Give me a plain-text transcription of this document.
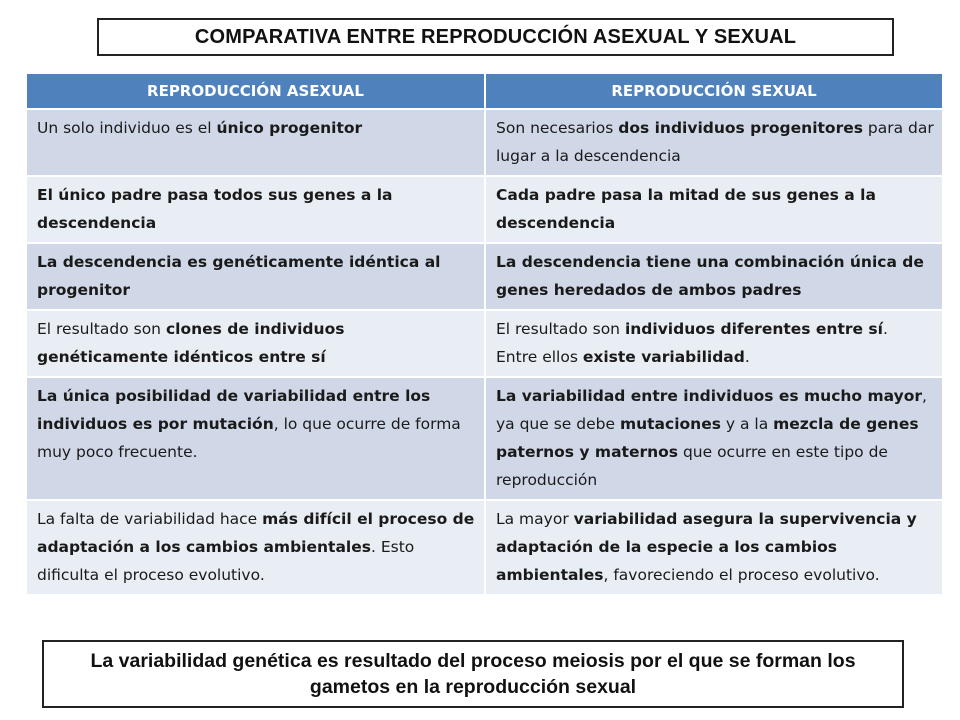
COMPARATIVA ENTRE REPRODUCCIÓN ASEXUAL Y SEXUAL
REPRODUCCIÓN ASEXUAL	REPRODUCCIÓN SEXUAL
Un solo individuo es el único progenitor	Son necesarios dos individuos progenitores para dar lugar a la descendencia
El único padre pasa todos sus genes a la descendencia	Cada padre pasa la mitad de sus genes a la descendencia
La descendencia es genéticamente idéntica al progenitor	La descendencia tiene una combinación única de genes heredados de ambos padres
El resultado son clones de individuos genéticamente idénticos entre sí	El resultado son individuos diferentes entre sí. Entre ellos existe variabilidad.
La única posibilidad de variabilidad entre los individuos es por mutación, lo que ocurre de forma muy poco frecuente.	La variabilidad entre individuos es mucho mayor, ya que se debe mutaciones y a la mezcla de genes paternos y maternos que ocurre en este tipo de reproducción
La falta de variabilidad hace más difícil el proceso de adaptación a los cambios ambientales. Esto dificulta el proceso evolutivo.	La mayor variabilidad asegura la supervivencia y adaptación de la especie a los cambios ambientales, favoreciendo el proceso evolutivo.
La variabilidad genética es resultado del proceso meiosis por el que se forman los gametos en la reproducción sexual
